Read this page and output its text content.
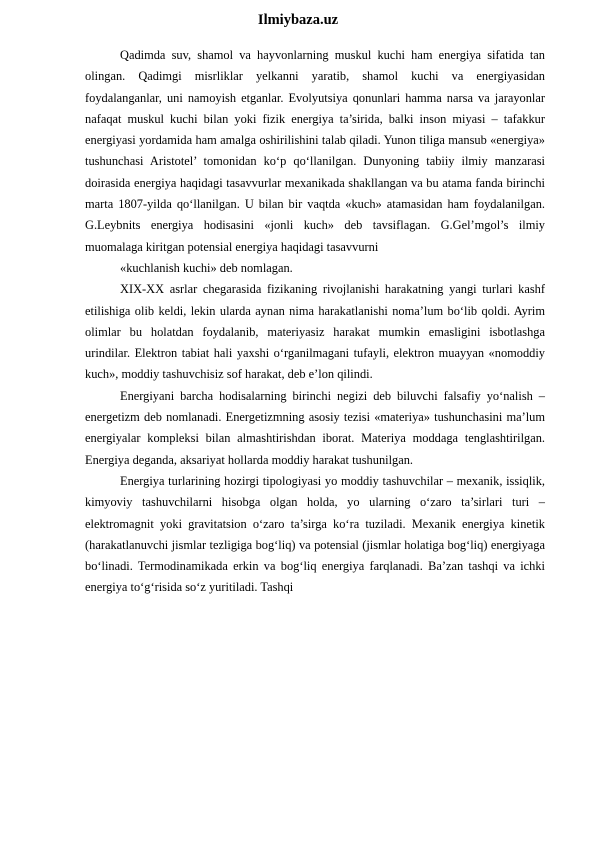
Ilmiybaza.uz

Qadimda suv, shamol va hayvonlarning muskul kuchi ham energiya sifatida tan olingan. Qadimgi misrliklar yelkanni yaratib, shamol kuchi va energiyasidan foydalanganlar, uni namoyish etganlar. Evolyutsiya qonunlari hamma narsa va jarayonlar nafaqat muskul kuchi bilan yoki fizik energiya ta’sirida, balki inson miyasi – tafakkur energiyasi yordamida ham amalga oshirilishini talab qiladi. Yunon tiliga mansub «energiya» tushunchasi Aristotel’ tomonidan ko‘p qo‘llanilgan. Dunyoning tabiiy ilmiy manzarasi doirasida energiya haqidagi tasavvurlar mexanikada shakllangan va bu atama fanda birinchi marta 1807-yilda qo‘llanilgan. U bilan bir vaqtda «kuch» atamasidan ham foydalanilgan. G.Leybnits energiya hodisasini «jonli kuch» deb tavsiflagan. G.Gel’mgol’s ilmiy muomalaga kiritgan potensial energiya haqidagi tasavvurni

«kuchlanish kuchi» deb nomlagan.

XIX-XX asrlar chegarasida fizikaning rivojlanishi harakatning yangi turlari kashf etilishiga olib keldi, lekin ularda aynan nima harakatlanishi noma’lum bo‘lib qoldi. Ayrim olimlar bu holatdan foydalanib, materiyasiz harakat mumkin emasligini isbotlashga urindilar. Elektron tabiat hali yaxshi o‘rganilmagani tufayli, elektron muayyan «nomoddiy kuch», moddiy tashuvchisiz sof harakat, deb e’lon qilindi.

Energiyani barcha hodisalarning birinchi negizi deb biluvchi falsafiy yo‘nalish – energetizm deb nomlanadi. Energetizmning asosiy tezisi «materiya» tushunchasini ma’lum energiyalar kompleksi bilan almashtirishdan iborat. Materiya moddaga tenglashtirilgan. Energiya deganda, aksariyat hollarda moddiy harakat tushunilgan.

Energiya turlarining hozirgi tipologiyasi yo moddiy tashuvchilar – mexanik, issiqlik, kimyoviy tashuvchilarni hisobga olgan holda, yo ularning o‘zaro ta’sirlari turi – elektromagnit yoki gravitatsion o‘zaro ta’sirga ko‘ra tuziladi. Mexanik energiya kinetik (harakatlanuvchi jismlar tezligiga bog‘liq) va potensial (jismlar holatiga bog‘liq) energiyaga bo‘linadi. Termodinamikada erkin va bog‘liq energiya farqlanadi. Ba’zan tashqi va ichki energiya to‘g‘risida so‘z yuritiladi. Tashqi
